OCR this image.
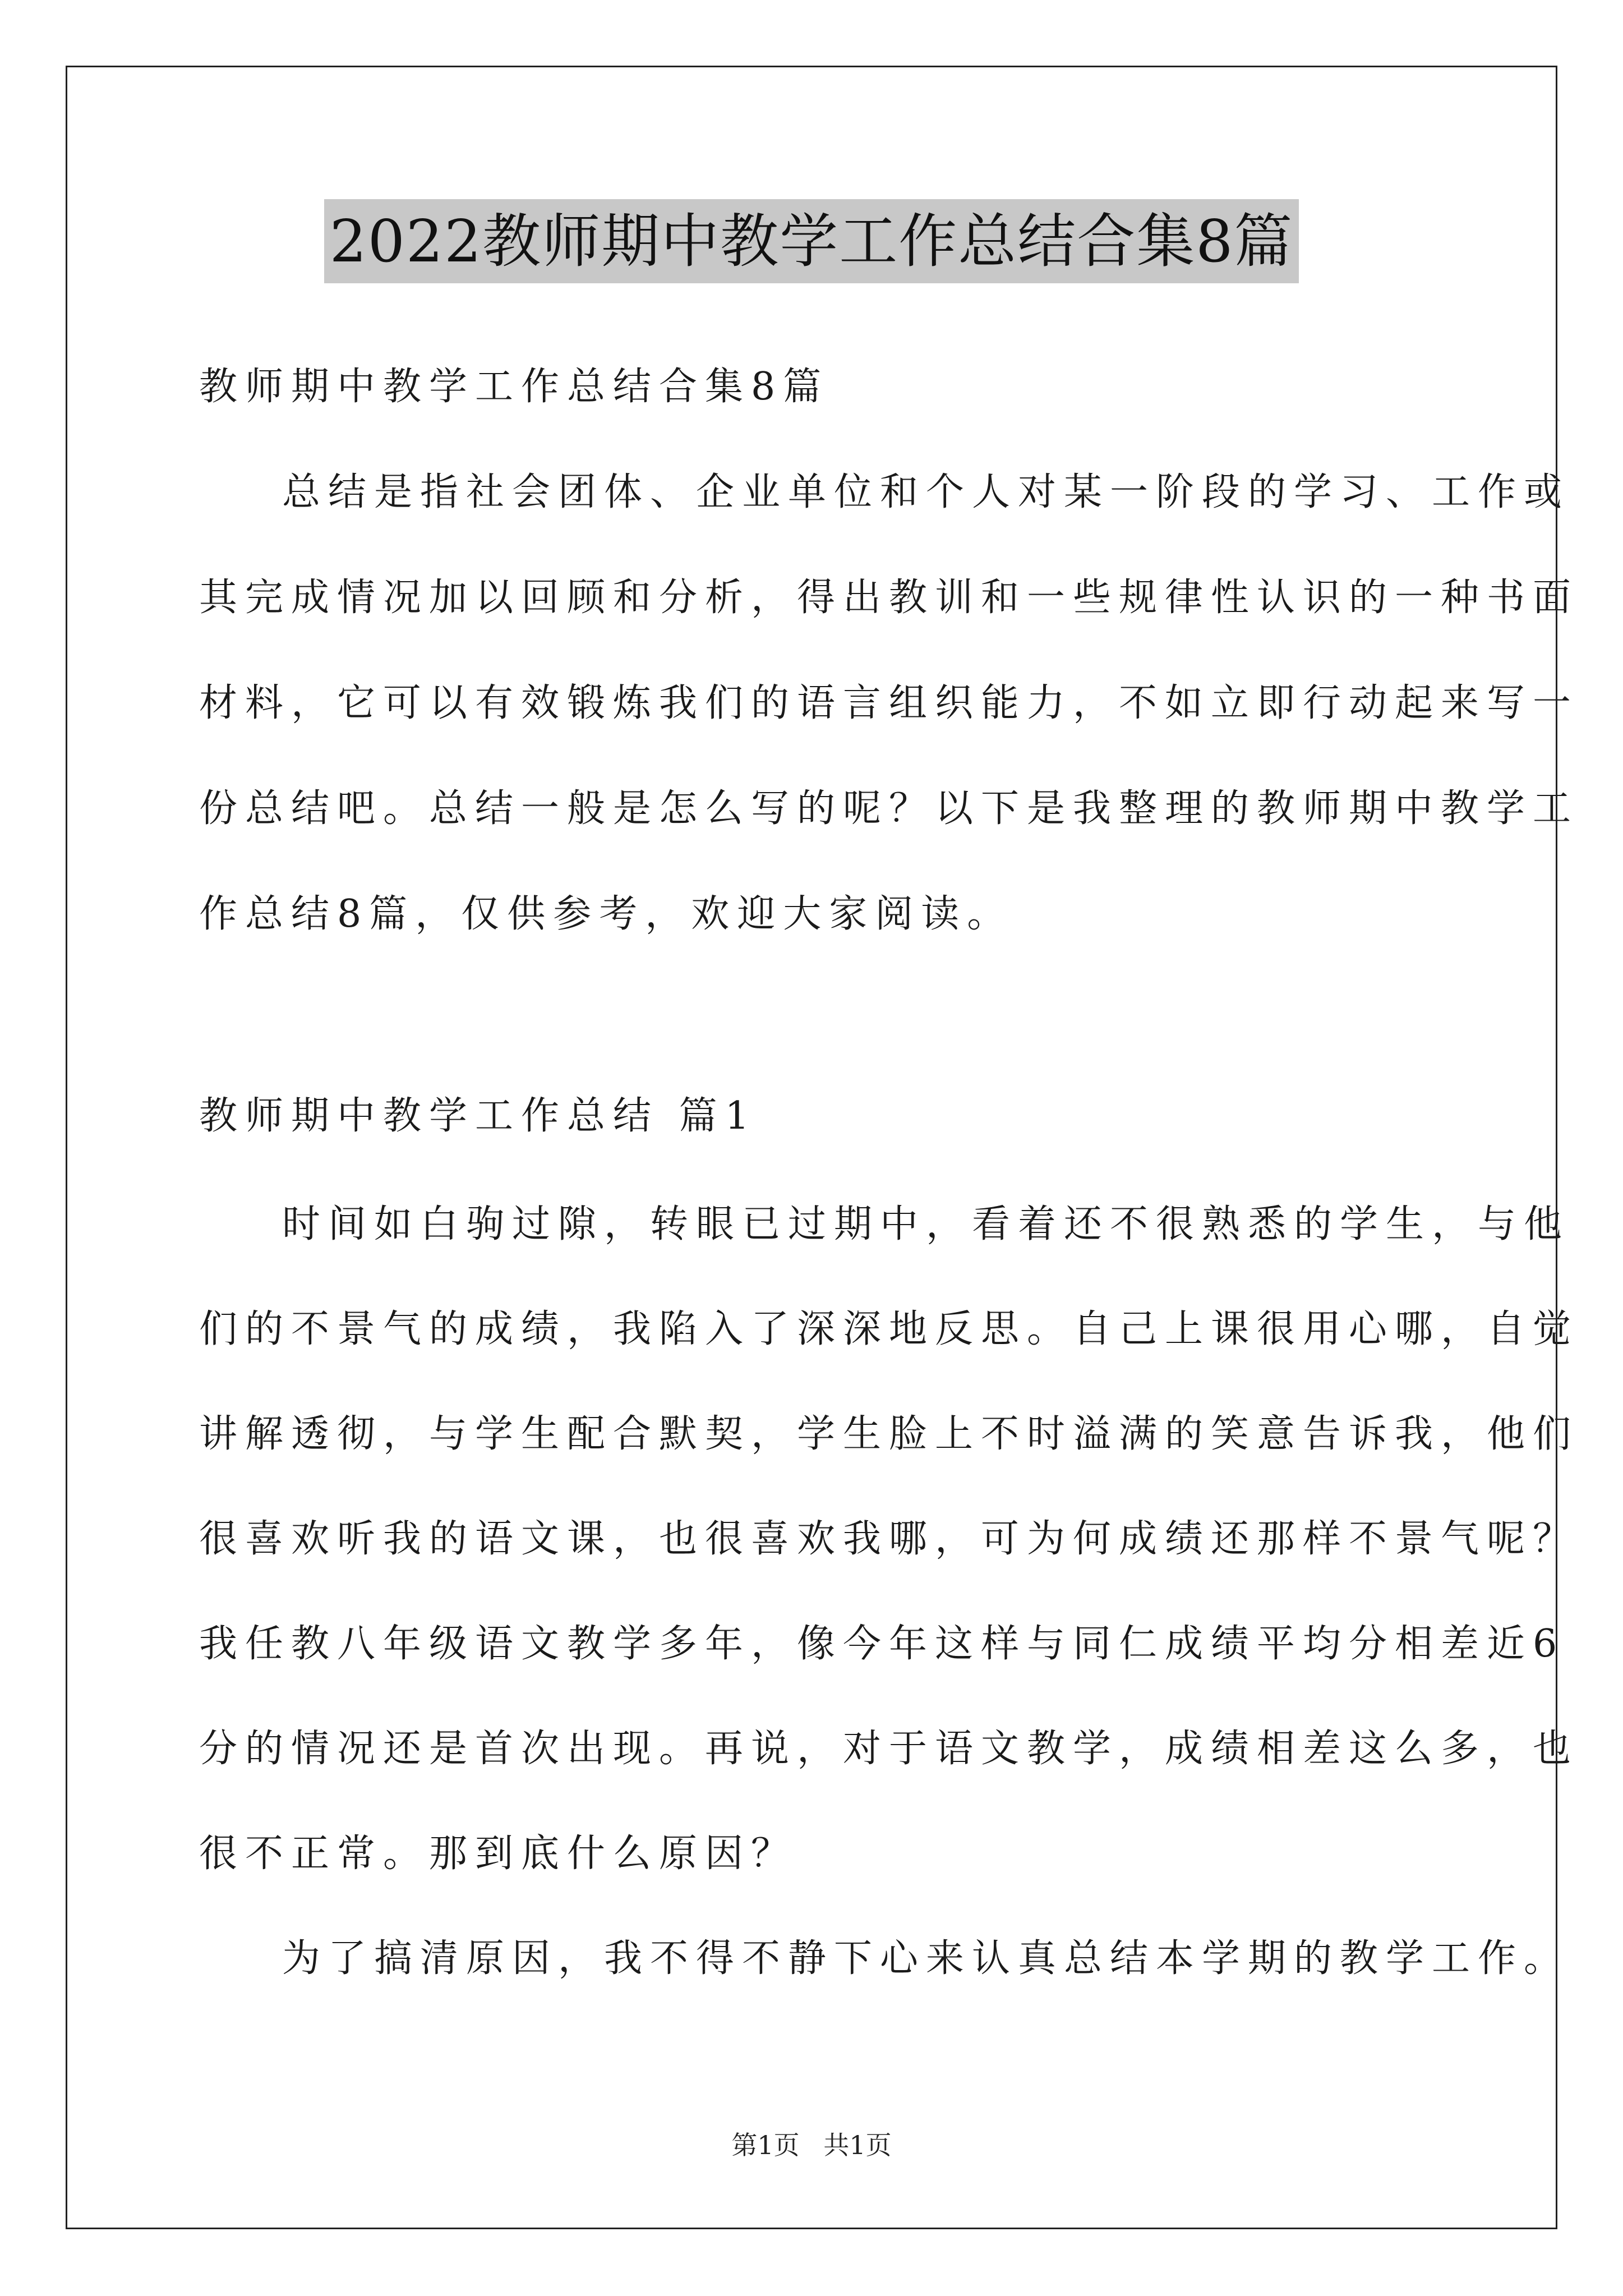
2022教师期中教学工作总结合集8篇
教师期中教学工作总结合集8篇
总结是指社会团体、企业单位和个人对某一阶段的学习、工作或
其完成情况加以回顾和分析，得出教训和一些规律性认识的一种书面
材料，它可以有效锻炼我们的语言组织能力，不如立即行动起来写一
份总结吧。总结一般是怎么写的呢？以下是我整理的教师期中教学工
作总结8篇，仅供参考，欢迎大家阅读。
教师期中教学工作总结 篇1
时间如白驹过隙，转眼已过期中，看着还不很熟悉的学生，与他
们的不景气的成绩，我陷入了深深地反思。自己上课很用心哪，自觉
讲解透彻，与学生配合默契，学生脸上不时溢满的笑意告诉我，他们
很喜欢听我的语文课，也很喜欢我哪，可为何成绩还那样不景气呢？
我任教八年级语文教学多年，像今年这样与同仁成绩平均分相差近6
分的情况还是首次出现。再说，对于语文教学，成绩相差这么多，也
很不正常。那到底什么原因？
为了搞清原因，我不得不静下心来认真总结本学期的教学工作。
第1页 共1页
